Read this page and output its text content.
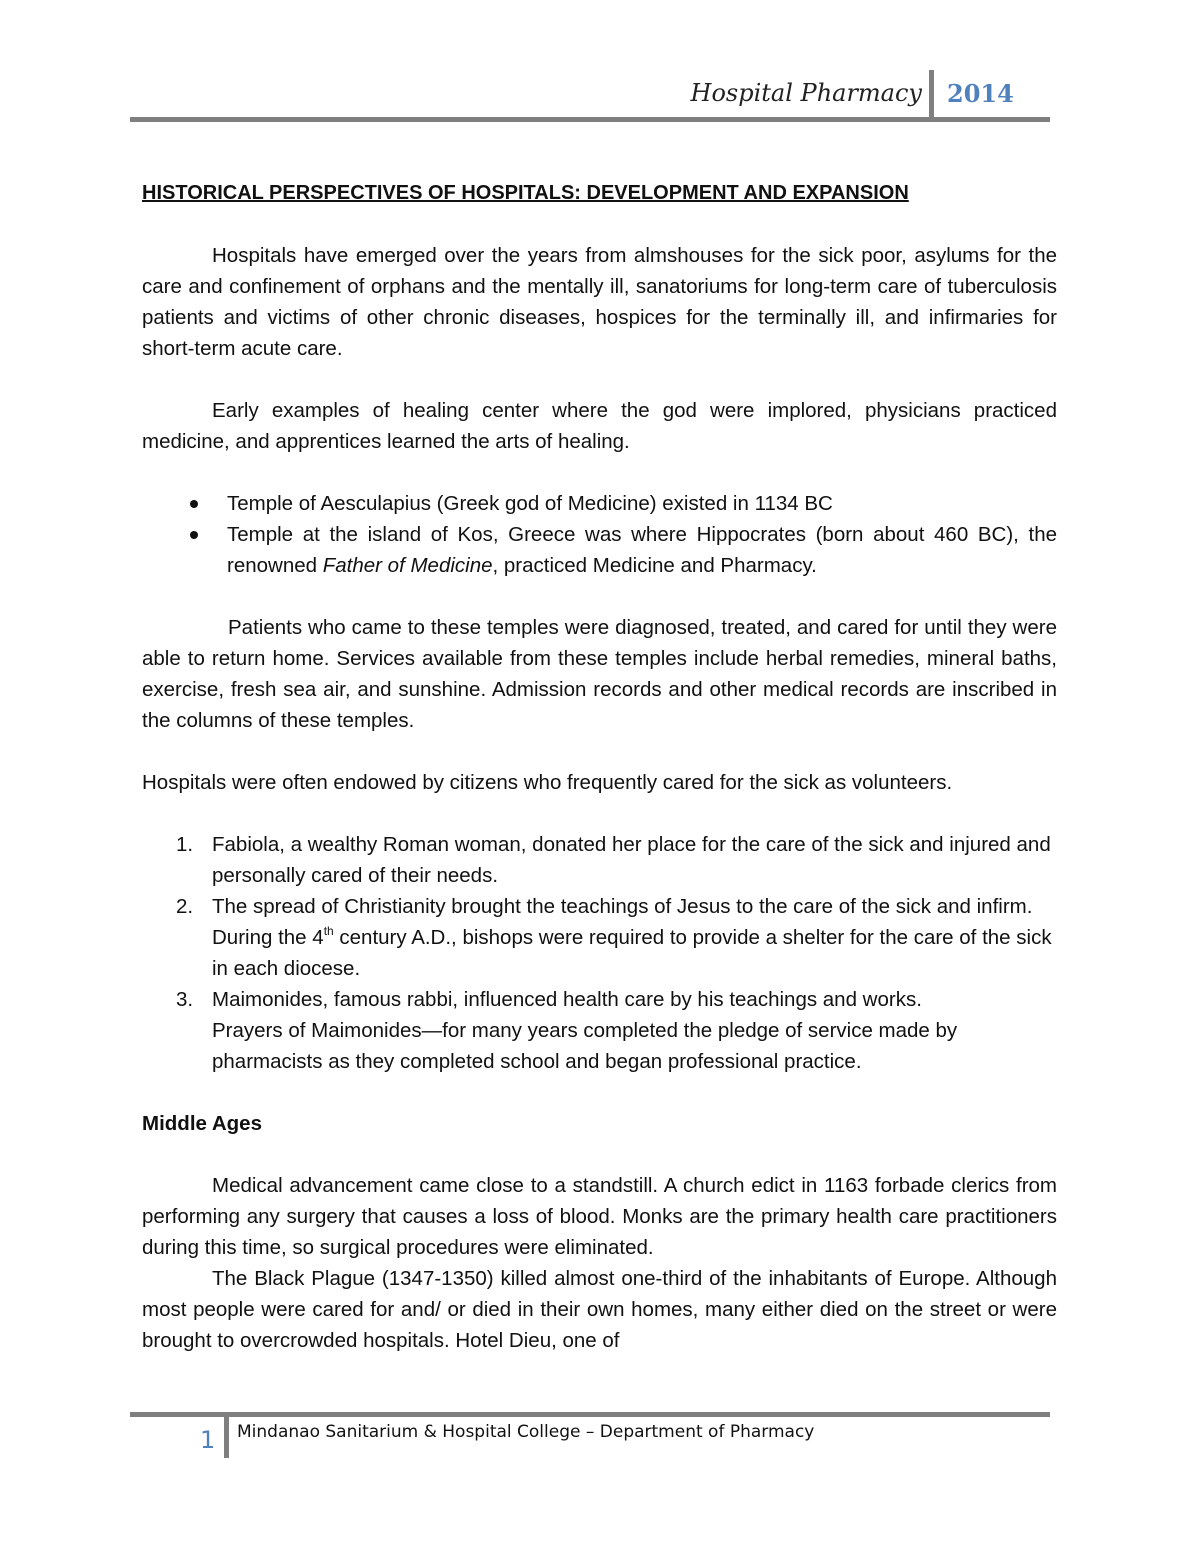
Hospital Pharmacy 2014

HISTORICAL PERSPECTIVES OF HOSPITALS: DEVELOPMENT AND EXPANSION

Hospitals have emerged over the years from almshouses for the sick poor, asylums for the care and confinement of orphans and the mentally ill, sanatoriums for long-term care of tuberculosis patients and victims of other chronic diseases, hospices for the terminally ill, and infirmaries for short-term acute care.

Early examples of healing center where the god were implored, physicians practiced medicine, and apprentices learned the arts of healing.

Temple of Aesculapius (Greek god of Medicine) existed in 1134 BC
Temple at the island of Kos, Greece was where Hippocrates (born about 460 BC), the renowned Father of Medicine, practiced Medicine and Pharmacy.

Patients who came to these temples were diagnosed, treated, and cared for until they were able to return home. Services available from these temples include herbal remedies, mineral baths, exercise, fresh sea air, and sunshine. Admission records and other medical records are inscribed in the columns of these temples.

Hospitals were often endowed by citizens who frequently cared for the sick as volunteers.

1. Fabiola, a wealthy Roman woman, donated her place for the care of the sick and injured and personally cared of their needs.
2. The spread of Christianity brought the teachings of Jesus to the care of the sick and infirm. During the 4th century A.D., bishops were required to provide a shelter for the care of the sick in each diocese.
3. Maimonides, famous rabbi, influenced health care by his teachings and works.
Prayers of Maimonides—for many years completed the pledge of service made by pharmacists as they completed school and began professional practice.

Middle Ages

Medical advancement came close to a standstill. A church edict in 1163 forbade clerics from performing any surgery that causes a loss of blood. Monks are the primary health care practitioners during this time, so surgical procedures were eliminated.

The Black Plague (1347-1350) killed almost one-third of the inhabitants of Europe. Although most people were cared for and/ or died in their own homes, many either died on the street or were brought to overcrowded hospitals. Hotel Dieu, one of

1 Mindanao Sanitarium & Hospital College – Department of Pharmacy
